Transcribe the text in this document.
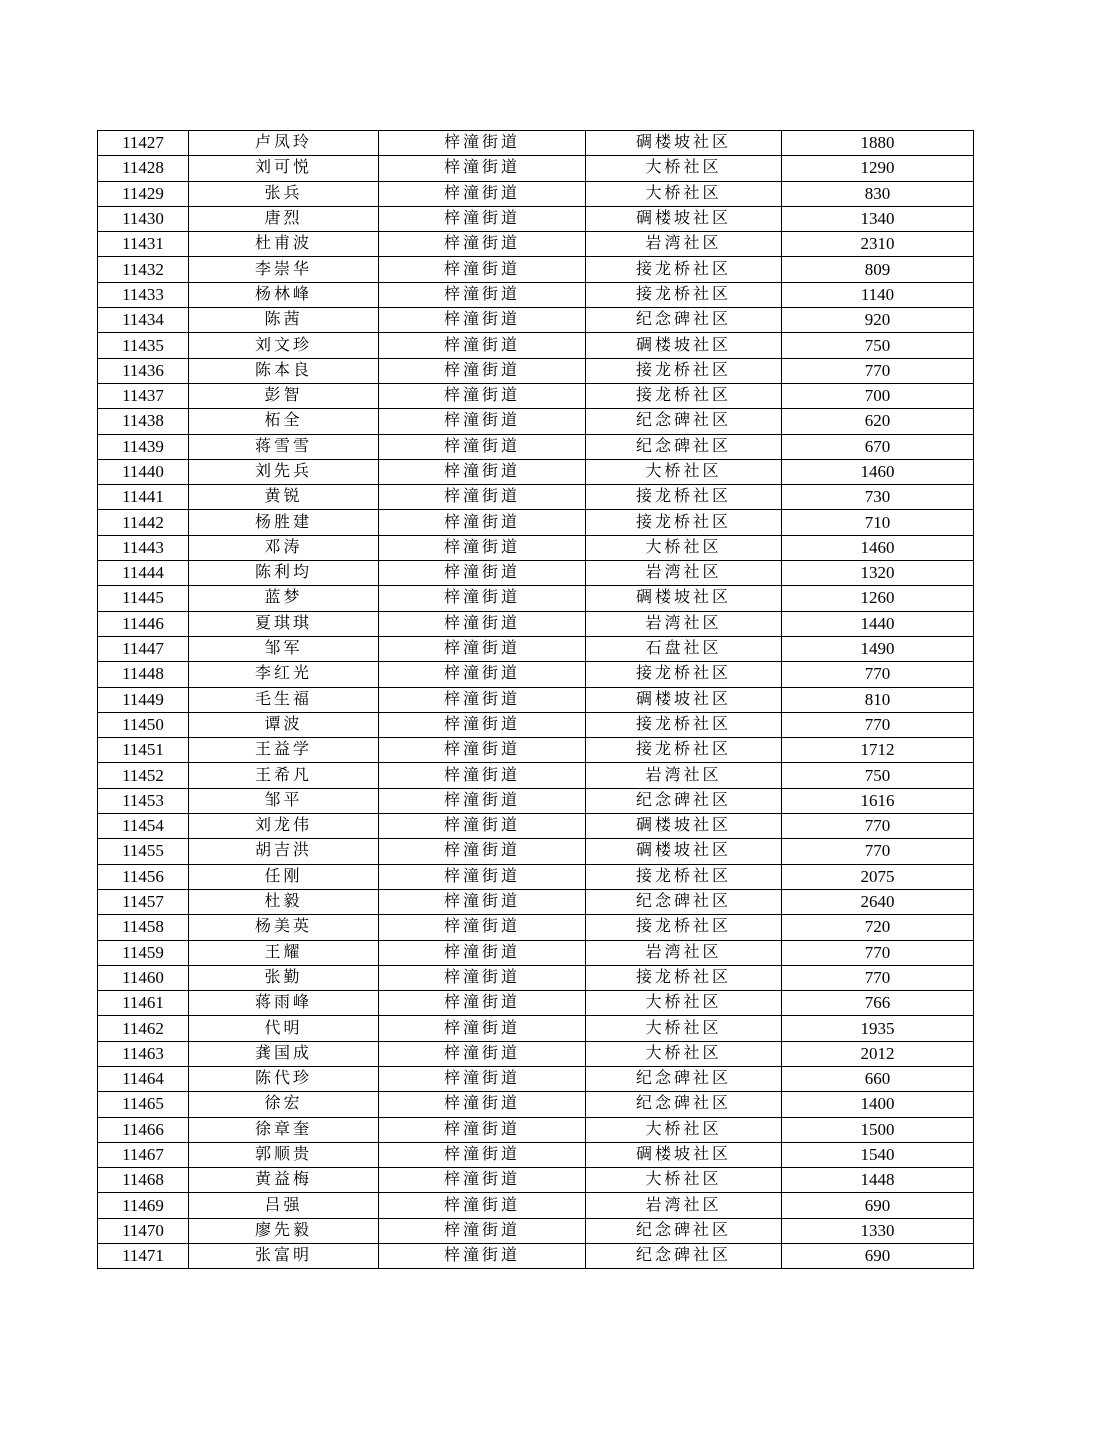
11427	卢凤玲	梓潼街道	碉楼坡社区	1880
11428	刘可悦	梓潼街道	大桥社区	1290
11429	张兵	梓潼街道	大桥社区	830
11430	唐烈	梓潼街道	碉楼坡社区	1340
11431	杜甫波	梓潼街道	岩湾社区	2310
11432	李崇华	梓潼街道	接龙桥社区	809
11433	杨林峰	梓潼街道	接龙桥社区	1140
11434	陈茜	梓潼街道	纪念碑社区	920
11435	刘文珍	梓潼街道	碉楼坡社区	750
11436	陈本良	梓潼街道	接龙桥社区	770
11437	彭智	梓潼街道	接龙桥社区	700
11438	柘全	梓潼街道	纪念碑社区	620
11439	蒋雪雪	梓潼街道	纪念碑社区	670
11440	刘先兵	梓潼街道	大桥社区	1460
11441	黄锐	梓潼街道	接龙桥社区	730
11442	杨胜建	梓潼街道	接龙桥社区	710
11443	邓涛	梓潼街道	大桥社区	1460
11444	陈利均	梓潼街道	岩湾社区	1320
11445	蓝梦	梓潼街道	碉楼坡社区	1260
11446	夏琪琪	梓潼街道	岩湾社区	1440
11447	邹军	梓潼街道	石盘社区	1490
11448	李红光	梓潼街道	接龙桥社区	770
11449	毛生福	梓潼街道	碉楼坡社区	810
11450	谭波	梓潼街道	接龙桥社区	770
11451	王益学	梓潼街道	接龙桥社区	1712
11452	王希凡	梓潼街道	岩湾社区	750
11453	邹平	梓潼街道	纪念碑社区	1616
11454	刘龙伟	梓潼街道	碉楼坡社区	770
11455	胡吉洪	梓潼街道	碉楼坡社区	770
11456	任刚	梓潼街道	接龙桥社区	2075
11457	杜毅	梓潼街道	纪念碑社区	2640
11458	杨美英	梓潼街道	接龙桥社区	720
11459	王耀	梓潼街道	岩湾社区	770
11460	张勤	梓潼街道	接龙桥社区	770
11461	蒋雨峰	梓潼街道	大桥社区	766
11462	代明	梓潼街道	大桥社区	1935
11463	龚国成	梓潼街道	大桥社区	2012
11464	陈代珍	梓潼街道	纪念碑社区	660
11465	徐宏	梓潼街道	纪念碑社区	1400
11466	徐章奎	梓潼街道	大桥社区	1500
11467	郭顺贵	梓潼街道	碉楼坡社区	1540
11468	黄益梅	梓潼街道	大桥社区	1448
11469	吕强	梓潼街道	岩湾社区	690
11470	廖先毅	梓潼街道	纪念碑社区	1330
11471	张富明	梓潼街道	纪念碑社区	690
